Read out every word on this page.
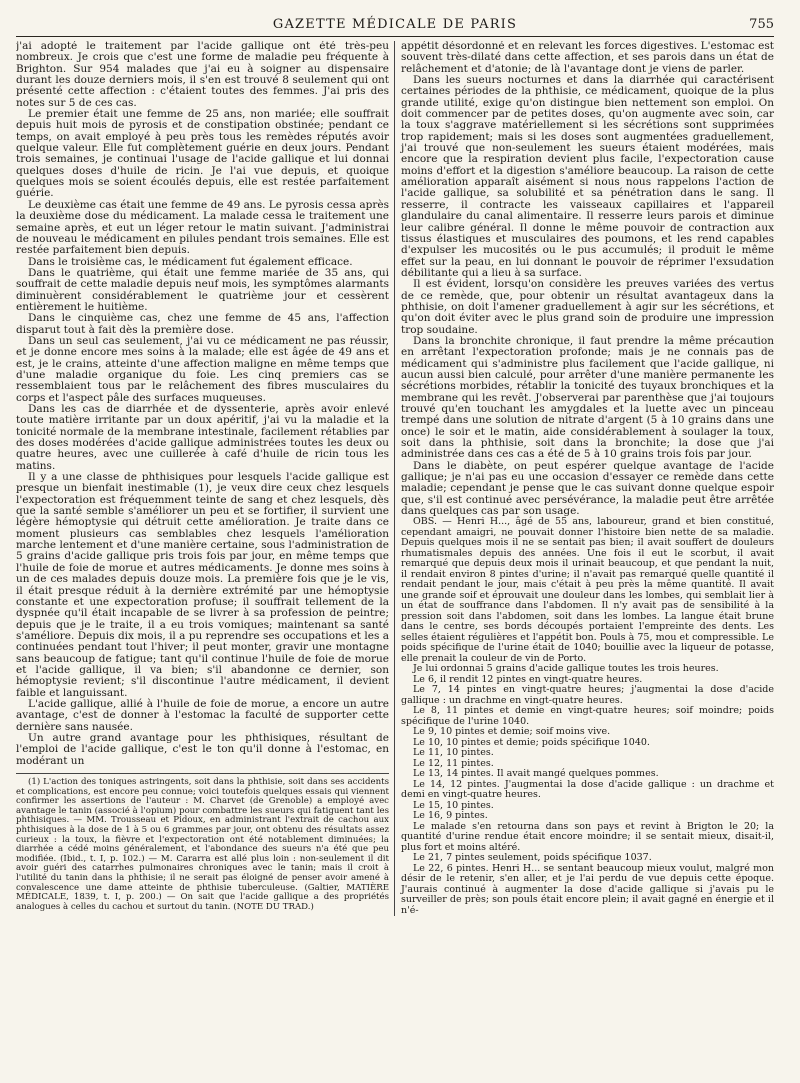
GAZETTE MÉDICALE DE PARIS	755

j'ai adopté le traitement par l'acide gallique ont été très-peu nombreux. Je crois que c'est une forme de maladie peu fréquente à Brighton. Sur 954 malades que j'ai eu à soigner au dispensaire durant les douze derniers mois, il s'en est trouvé 8 seulement qui ont présenté cette affection : c'étaient toutes des femmes. J'ai pris des notes sur 5 de ces cas.

Le premier était une femme de 25 ans, non mariée; elle souffrait depuis huit mois de pyrosis et de constipation obstinée; pendant ce temps, on avait employé à peu près tous les remèdes réputés avoir quelque valeur. Elle fut complètement guérie en deux jours. Pendant trois semaines, je continuai l'usage de l'acide gallique et lui donnai quelques doses d'huile de ricin. Je l'ai vue depuis, et quoique quelques mois se soient écoulés depuis, elle est restée parfaitement guérie.

Le deuxième cas était une femme de 49 ans. Le pyrosis cessa après la deuxième dose du médicament. La malade cessa le traitement une semaine après, et eut un léger retour le matin suivant. J'administrai de nouveau le médicament en pilules pendant trois semaines. Elle est restée parfaitement bien depuis.

Dans le troisième cas, le médicament fut également efficace.

Dans le quatrième, qui était une femme mariée de 35 ans, qui souffrait de cette maladie depuis neuf mois, les symptômes alarmants diminuèrent considérablement le quatrième jour et cessèrent entièrement le huitième.

Dans le cinquième cas, chez une femme de 45 ans, l'affection disparut tout à fait dès la première dose.

Dans un seul cas seulement, j'ai vu ce médicament ne pas réussir, et je donne encore mes soins à la malade; elle est âgée de 49 ans et est, je le crains, atteinte d'une affection maligne en même temps que d'une maladie organique du foie. Les cinq premiers cas se ressemblaient tous par le relâchement des fibres musculaires du corps et l'aspect pâle des surfaces muqueuses.

Dans les cas de diarrhée et de dyssenterie, après avoir enlevé toute matière irritante par un doux apéritif, j'ai vu la maladie et la tonicité normale de la membrane intestinale, facilement rétablies par des doses modérées d'acide gallique administrées toutes les deux ou quatre heures, avec une cuillerée à café d'huile de ricin tous les matins.

Il y a une classe de phthisiques pour lesquels l'acide gallique est presque un bienfait inestimable (1), je veux dire ceux chez lesquels l'expectoration est fréquemment teinte de sang et chez lesquels, dès que la santé semble s'améliorer un peu et se fortifier, il survient une légère hémoptysie qui détruit cette amélioration. Je traite dans ce moment plusieurs cas semblables chez lesquels l'amélioration marche lentement et d'une manière certaine, sous l'administration de 5 grains d'acide gallique pris trois fois par jour, en même temps que l'huile de foie de morue et autres médicaments. Je donne mes soins à un de ces malades depuis douze mois. La première fois que je le vis, il était presque réduit à la dernière extrémité par une hémoptysie constante et une expectoration profuse; il souffrait tellement de la dyspnée qu'il était incapable de se livrer à sa profession de peintre; depuis que je le traite, il a eu trois vomiques; maintenant sa santé s'améliore. Depuis dix mois, il a pu reprendre ses occupations et les a continuées pendant tout l'hiver; il peut monter, gravir une montagne sans beaucoup de fatigue; tant qu'il continue l'huile de foie de morue et l'acide gallique, il va bien; s'il abandonne ce dernier, son hémoptysie revient; s'il discontinue l'autre médicament, il devient faible et languissant.

L'acide gallique, allié à l'huile de foie de morue, a encore un autre avantage, c'est de donner à l'estomac la faculté de supporter cette dernière sans nausée.

Un autre grand avantage pour les phthisiques, résultant de l'emploi de l'acide gallique, c'est le ton qu'il donne à l'estomac, en modérant un

(1) L'action des toniques astringents, soit dans la phthisie, soit dans ses accidents et complications, est encore peu connue; voici toutefois quelques essais qui viennent confirmer les assertions de l'auteur : M. Charvet (de Grenoble) a employé avec avantage le tanin (associé à l'opium) pour combattre les sueurs qui fatiguent tant les phthisiques. — MM. Trousseau et Pidoux, en administrant l'extrait de cachou aux phthisiques à la dose de 1 à 5 ou 6 grammes par jour, ont obtenu des résultats assez curieux : la toux, la fièvre et l'expectoration ont été notablement diminuées; la diarrhée a cédé moins généralement, et l'abondance des sueurs n'a été que peu modifiée. (Ibid., t. I, p. 102.) — M. Cararra est allé plus loin : non-seulement il dit avoir guéri des catarrhes pulmonaires chroniques avec le tanin; mais il croit à l'utilité du tanin dans la phthisie; il ne serait pas éloigné de penser avoir amené à convalescence une dame atteinte de phthisie tuberculeuse. (Galtier, MATIÈRE MÉDICALE, 1839, t. I, p. 200.) — On sait que l'acide gallique a des propriétés analogues à celles du cachou et surtout du tanin. (NOTE DU TRAD.)

appétit désordonné et en relevant les forces digestives. L'estomac est souvent très-dilaté dans cette affection, et ses parois dans un état de relâchement et d'atonie; de là l'avantage dont je viens de parler.

Dans les sueurs nocturnes et dans la diarrhée qui caractérisent certaines périodes de la phthisie, ce médicament, quoique de la plus grande utilité, exige qu'on distingue bien nettement son emploi. On doit commencer par de petites doses, qu'on augmente avec soin, car la toux s'aggrave matériellement si les sécrétions sont supprimées trop rapidement; mais si les doses sont augmentées graduellement, j'ai trouvé que non-seulement les sueurs étaient modérées, mais encore que la respiration devient plus facile, l'expectoration cause moins d'effort et la digestion s'améliore beaucoup. La raison de cette amélioration apparaît aisément si nous nous rappelons l'action de l'acide gallique, sa solubilité et sa pénétration dans le sang. Il resserre, il contracte les vaisseaux capillaires et l'appareil glandulaire du canal alimentaire. Il resserre leurs parois et diminue leur calibre général. Il donne le même pouvoir de contraction aux tissus élastiques et musculaires des poumons, et les rend capables d'expulser les mucosités ou le pus accumulés; il produit le même effet sur la peau, en lui donnant le pouvoir de réprimer l'exsudation débilitante qui a lieu à sa surface.

Il est évident, lorsqu'on considère les preuves variées des vertus de ce remède, que, pour obtenir un résultat avantageux dans la phthisie, on doit l'amener graduellement à agir sur les sécrétions, et qu'on doit éviter avec le plus grand soin de produire une impression trop soudaine.

Dans la bronchite chronique, il faut prendre la même précaution en arrêtant l'expectoration profonde; mais je ne connais pas de médicament qui s'administre plus facilement que l'acide gallique, ni aucun aussi bien calculé, pour arrêter d'une manière permanente les sécrétions morbides, rétablir la tonicité des tuyaux bronchiques et la membrane qui les revêt. J'observerai par parenthèse que j'ai toujours trouvé qu'en touchant les amygdales et la luette avec un pinceau trempé dans une solution de nitrate d'argent (5 à 10 grains dans une once) le soir et le matin, aide considérablement à soulager la toux, soit dans la phthisie, soit dans la bronchite; la dose que j'ai administrée dans ces cas a été de 5 à 10 grains trois fois par jour.

Dans le diabète, on peut espérer quelque avantage de l'acide gallique; je n'ai pas eu une occasion d'essayer ce remède dans cette maladie; cependant je pense que le cas suivant donne quelque espoir que, s'il est continué avec persévérance, la maladie peut être arrêtée dans quelques cas par son usage.

OBS. — Henri H..., âgé de 55 ans, laboureur, grand et bien constitué, cependant amaigri, ne pouvait donner l'histoire bien nette de sa maladie. Depuis quelques mois il ne se sentait pas bien; il avait souffert de douleurs rhumatismales depuis des années. Une fois il eut le scorbut, il avait remarqué que depuis deux mois il urinait beaucoup, et que pendant la nuit, il rendait environ 8 pintes d'urine; il n'avait pas remarqué quelle quantité il rendait pendant le jour, mais c'était à peu près la même quantité. Il avait une grande soif et éprouvait une douleur dans les lombes, qui semblait lier à un état de souffrance dans l'abdomen. Il n'y avait pas de sensibilité à la pression soit dans l'abdomen, soit dans les lombes. La langue était brune dans le centre, ses bords découpés portaient l'empreinte des dents. Les selles étaient régulières et l'appétit bon. Pouls à 75, mou et compressible. Le poids spécifique de l'urine était de 1040; bouillie avec la liqueur de potasse, elle prenait la couleur de vin de Porto.

Je lui ordonnai 5 grains d'acide gallique toutes les trois heures.

Le 6, il rendit 12 pintes en vingt-quatre heures.

Le 7, 14 pintes en vingt-quatre heures; j'augmentai la dose d'acide gallique : un drachme en vingt-quatre heures.

Le 8, 11 pintes et demie en vingt-quatre heures; soif moindre; poids spécifique de l'urine 1040.

Le 9, 10 pintes et demie; soif moins vive.

Le 10, 10 pintes et demie; poids spécifique 1040.

Le 11, 10 pintes.

Le 12, 11 pintes.

Le 13, 14 pintes. Il avait mangé quelques pommes.

Le 14, 12 pintes. J'augmentai la dose d'acide gallique : un drachme et demi en vingt-quatre heures.

Le 15, 10 pintes.

Le 16, 9 pintes.

Le malade s'en retourna dans son pays et revint à Brigton le 20; la quantité d'urine rendue était encore moindre; il se sentait mieux, disait-il, plus fort et moins altéré.

Le 21, 7 pintes seulement, poids spécifique 1037.

Le 22, 6 pintes. Henri H... se sentant beaucoup mieux voulut, malgré mon désir de le retenir, s'en aller, et je l'ai perdu de vue depuis cette époque. J'aurais continué à augmenter la dose d'acide gallique si j'avais pu le surveiller de près; son pouls était encore plein; il avait gagné en énergie et il n'é-
